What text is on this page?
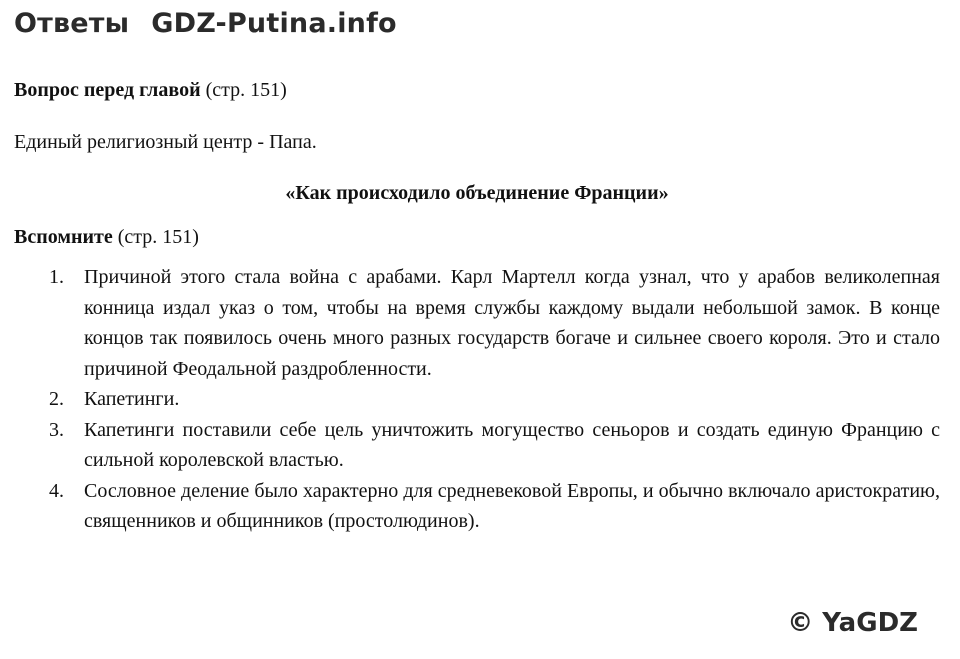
Ответы GDZ-Putina.info
Вопрос перед главой (стр. 151)
Единый религиозный центр - Папа.
«Как происходило объединение Франции»
Вспомните (стр. 151)
1. Причиной этого стала война с арабами. Карл Мартелл когда узнал, что у арабов великолепная конница издал указ о том, чтобы на время службы каждому выдали небольшой замок. В конце концов так появилось очень много разных государств богаче и сильнее своего короля. Это и стало причиной Феодальной раздробленности.
2. Капетинги.
3. Капетинги поставили себе цель уничтожить могущество сеньоров и создать единую Францию с сильной королевской властью.
4. Сословное деление было характерно для средневековой Европы, и обычно включало аристократию, священников и общинников (простолюдинов).
© YaGDZ
